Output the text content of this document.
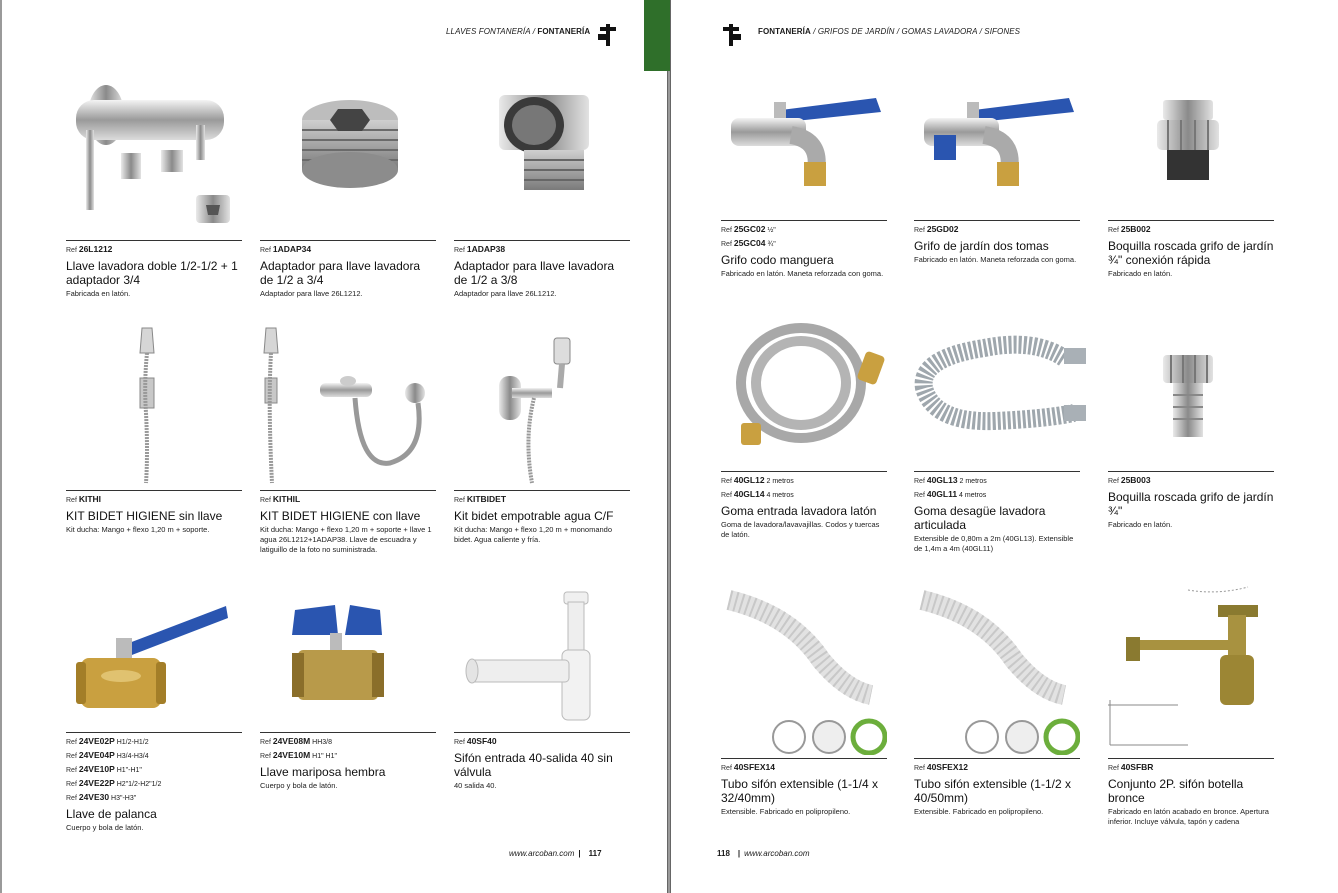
LLAVES FONTANERÍA / FONTANERÍA
Ref 26L1212
Llave lavadora doble 1/2-1/2 + 1 adaptador 3/4
Fabricada en latón.
Ref 1ADAP34
Adaptador para llave lavadora de 1/2 a 3/4
Adaptador para llave 26L1212.
Ref 1ADAP38
Adaptador para llave lavadora de 1/2 a 3/8
Adaptador para llave 26L1212.
Ref KITHI
KIT BIDET HIGIENE sin llave
Kit ducha: Mango + flexo 1,20 m + soporte.
Ref KITHIL
KIT BIDET HIGIENE con llave
Kit ducha: Mango + flexo 1,20 m + soporte + llave 1 agua 26L1212+1ADAP38. Llave de escuadra y latiguillo de la foto no suministrada.
Ref KITBIDET
Kit bidet empotrable agua C/F
Kit ducha: Mango + flexo 1,20 m + monomando bidet. Agua caliente y fría.
Ref 24VE02P H1/2-H1/2
Ref 24VE04P H3/4-H3/4
Ref 24VE10P H1"-H1"
Ref 24VE22P H2"1/2-H2"1/2
Ref 24VE30 H3"-H3"
Llave de palanca
Cuerpo y bola de latón.
Ref 24VE08M HH3/8
Ref 24VE10M H1" H1"
Llave mariposa hembra
Cuerpo y bola de latón.
Ref 40SF40
Sifón entrada 40-salida 40 sin válvula
40 salida 40.
www.arcoban.com | 117
FONTANERÍA / GRIFOS DE JARDÍN / GOMAS LAVADORA / SIFONES
Ref 25GC02 ½"
Ref 25GC04 ¾"
Grifo codo manguera
Fabricado en latón. Maneta reforzada con goma.
Ref 25GD02
Grifo de jardín dos tomas
Fabricado en latón. Maneta reforzada con goma.
Ref 25B002
Boquilla roscada grifo de jardín ¾" conexión rápida
Fabricado en latón.
Ref 40GL12 2 metros
Ref 40GL14 4 metros
Goma entrada lavadora latón
Goma de lavadora/lavavajillas. Codos y tuercas de latón.
Ref 40GL13 2 metros
Ref 40GL11 4 metros
Goma desagüe lavadora articulada
Extensible de 0,80m a 2m (40GL13). Extensible de 1,4m a 4m (40GL11)
Ref 25B003
Boquilla roscada grifo de jardín ¾"
Fabricado en latón.
Ref 40SFEX14
Tubo sifón extensible (1-1/4 x 32/40mm)
Extensible. Fabricado en polipropileno.
Ref 40SFEX12
Tubo sifón extensible (1-1/2 x 40/50mm)
Extensible. Fabricado en polipropileno.
Ref 40SFBR
Conjunto 2P. sifón botella bronce
Fabricado en latón acabado en bronce. Apertura inferior. Incluye válvula, tapón y cadena
118 | www.arcoban.com
